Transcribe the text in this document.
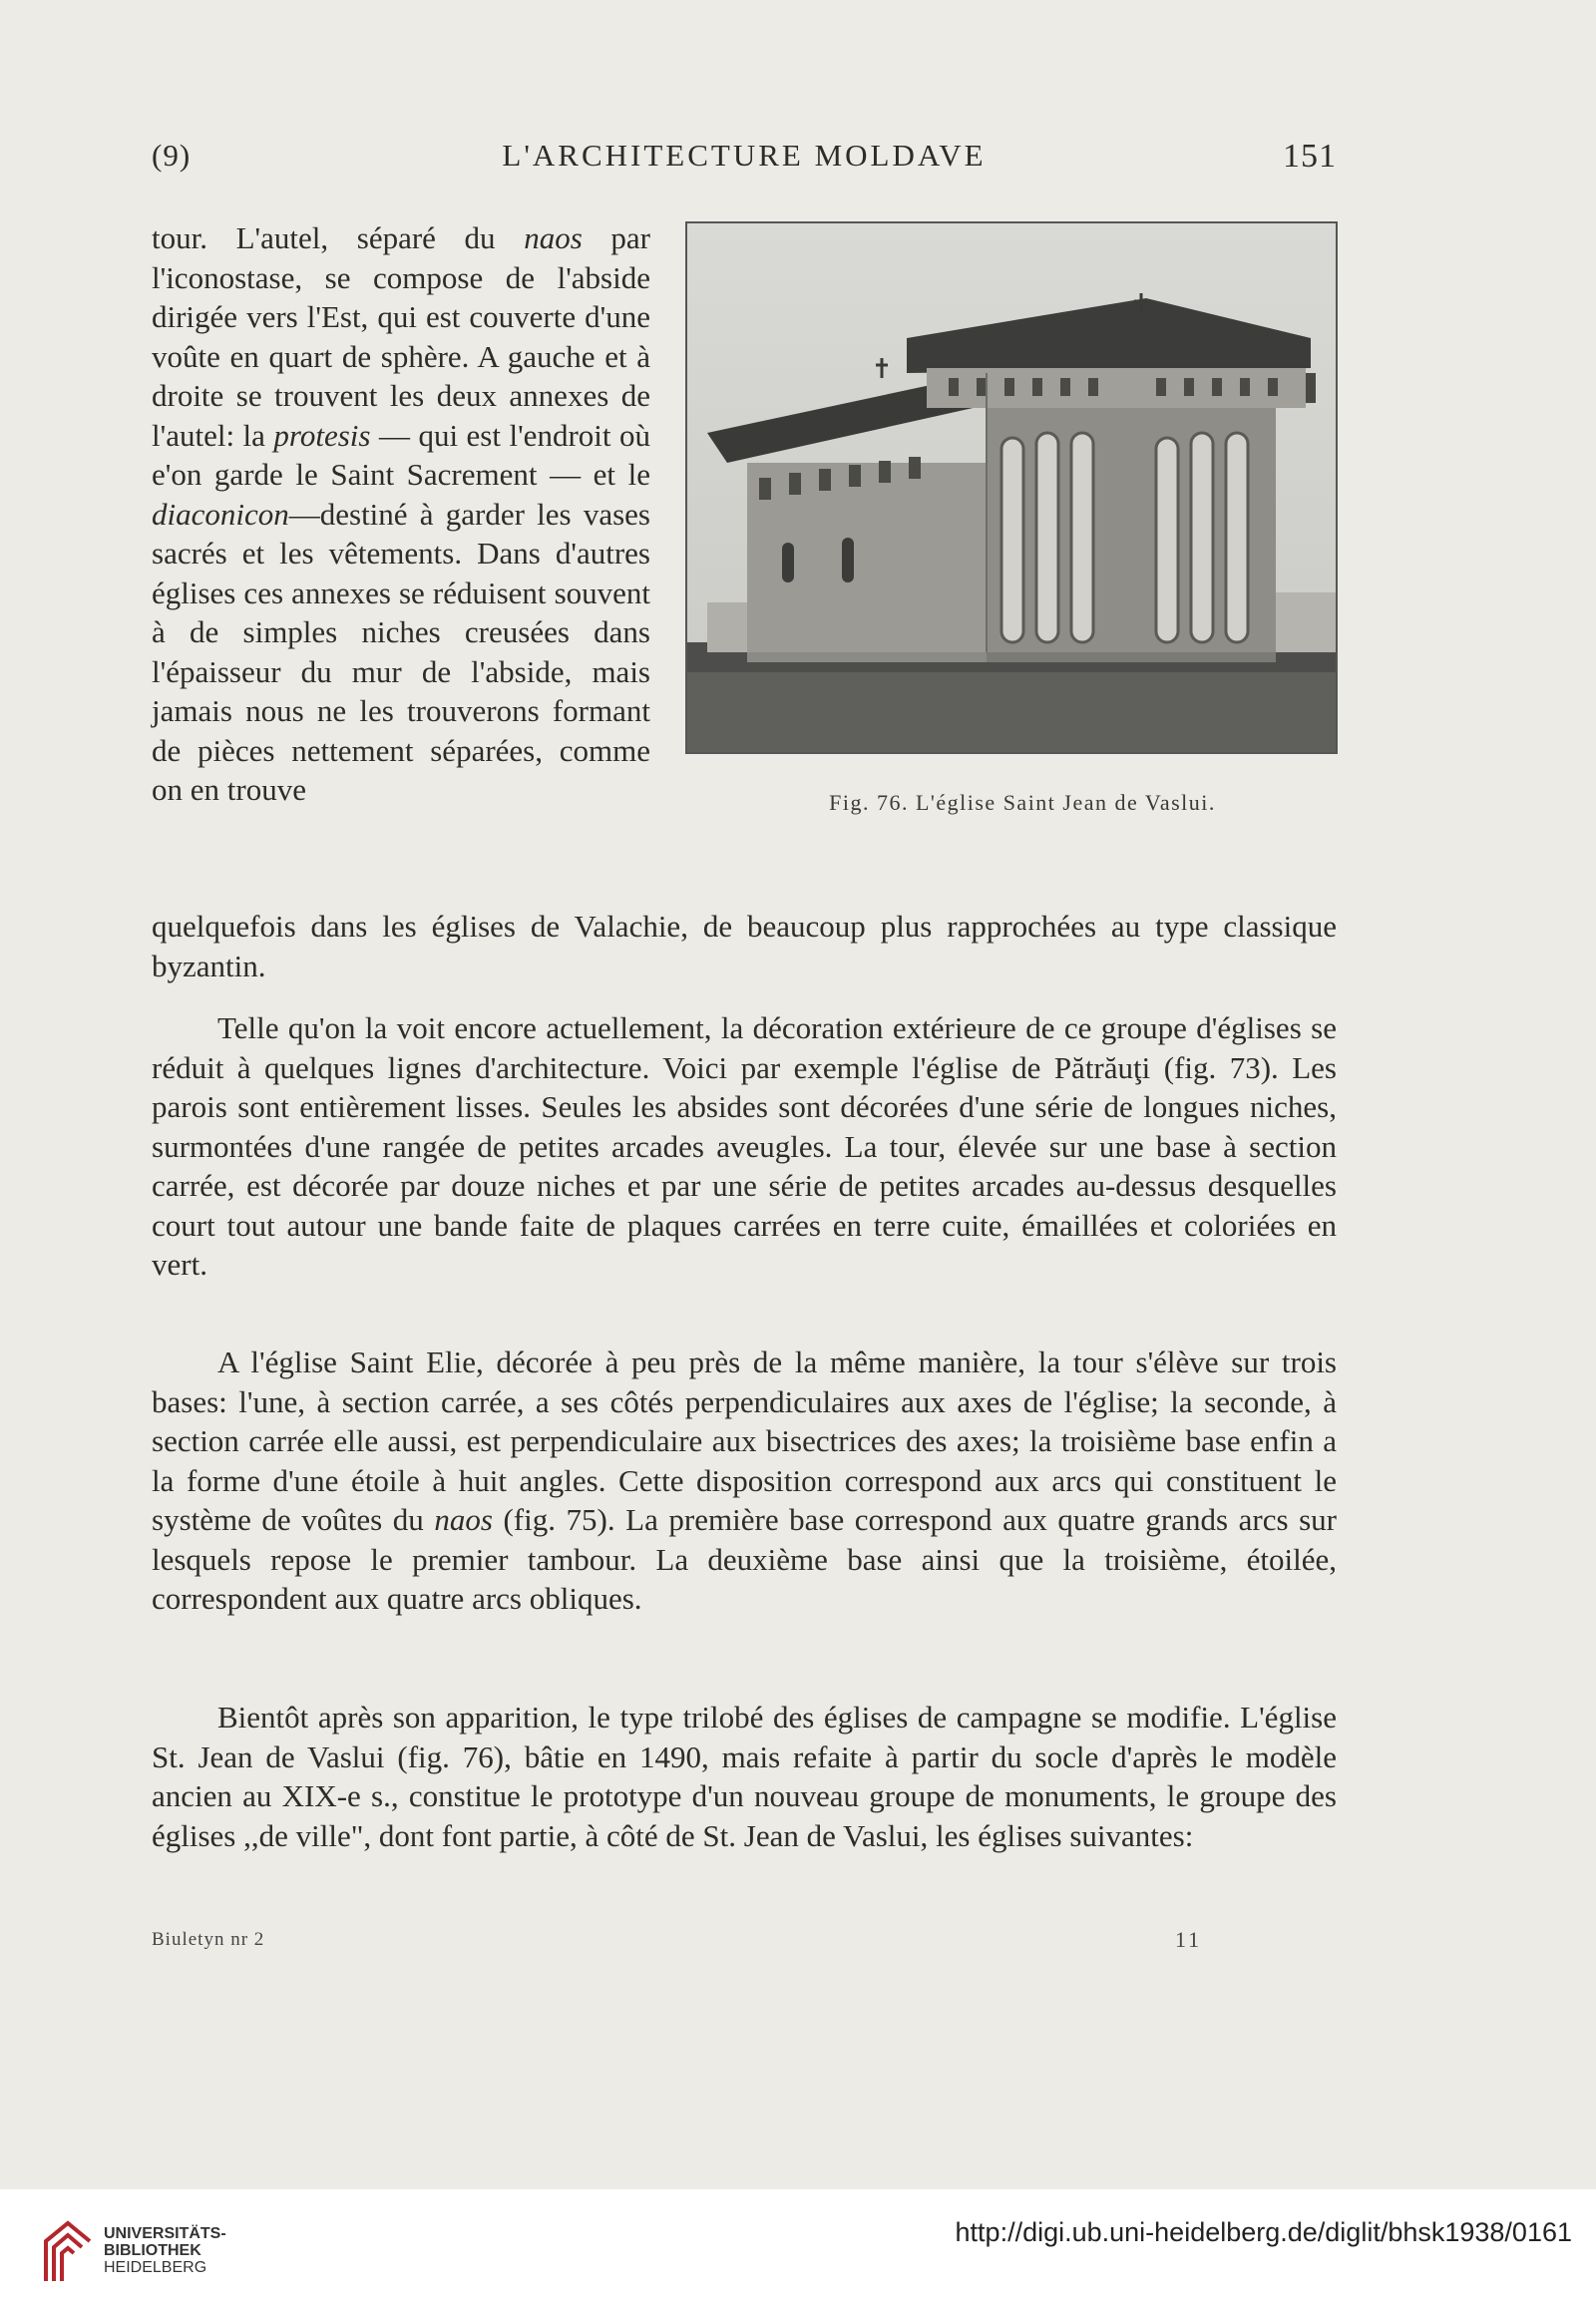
(9)	L'ARCHITECTURE MOLDAVE	151

tour. L'autel, séparé du naos par l'iconostase, se compose de l'abside dirigée vers l'Est, qui est couverte d'une voûte en quart de sphère. A gauche et à droite se trouvent les deux annexes de l'autel: la protesis — qui est l'endroit où e'on garde le Saint Sacrement — et le diaconicon—destiné à garder les vases sacrés et les vêtements. Dans d'autres églises ces annexes se réduisent souvent à de simples niches creusées dans l'épaisseur du mur de l'abside, mais jamais nous ne les trouverons formant de pièces nettement séparées, comme on en trouve	Fig. 76. L'église Saint Jean de Vaslui.

quelquefois dans les églises de Valachie, de beaucoup plus rapprochées au type classique byzantin.

Telle qu'on la voit encore actuellement, la décoration extérieure de ce groupe d'églises se réduit à quelques lignes d'architecture. Voici par exemple l'église de Pătrăuţi (fig. 73). Les parois sont entièrement lisses. Seules les absides sont décorées d'une série de longues niches, surmontées d'une rangée de petites arcades aveugles. La tour, élevée sur une base à section carrée, est décorée par douze niches et par une série de petites arcades au-dessus desquelles court tout autour une bande faite de plaques carrées en terre cuite, émaillées et coloriées en vert.

A l'église Saint Elie, décorée à peu près de la même manière, la tour s'élève sur trois bases: l'une, à section carrée, a ses côtés perpendiculaires aux axes de l'église; la seconde, à section carrée elle aussi, est perpendiculaire aux bisectrices des axes; la troisième base enfin a la forme d'une étoile à huit angles. Cette disposition correspond aux arcs qui constituent le système de voûtes du naos (fig. 75). La première base correspond aux quatre grands arcs sur lesquels repose le premier tambour. La deuxième base ainsi que la troisième, étoilée, correspondent aux quatre arcs obliques.

Bientôt après son apparition, le type trilobé des églises de campagne se modifie. L'église St. Jean de Vaslui (fig. 76), bâtie en 1490, mais refaite à partir du socle d'après le modèle ancien au XIX-e s., constitue le prototype d'un nouveau groupe de monuments, le groupe des églises ,,de ville", dont font partie, à côté de St. Jean de Vaslui, les églises suivantes:

Biuletyn nr 2	11
UNIVERSITÄTS-
BIBLIOTHEK
HEIDELBERG
http://digi.ub.uni-heidelberg.de/diglit/bhsk1938/0161
